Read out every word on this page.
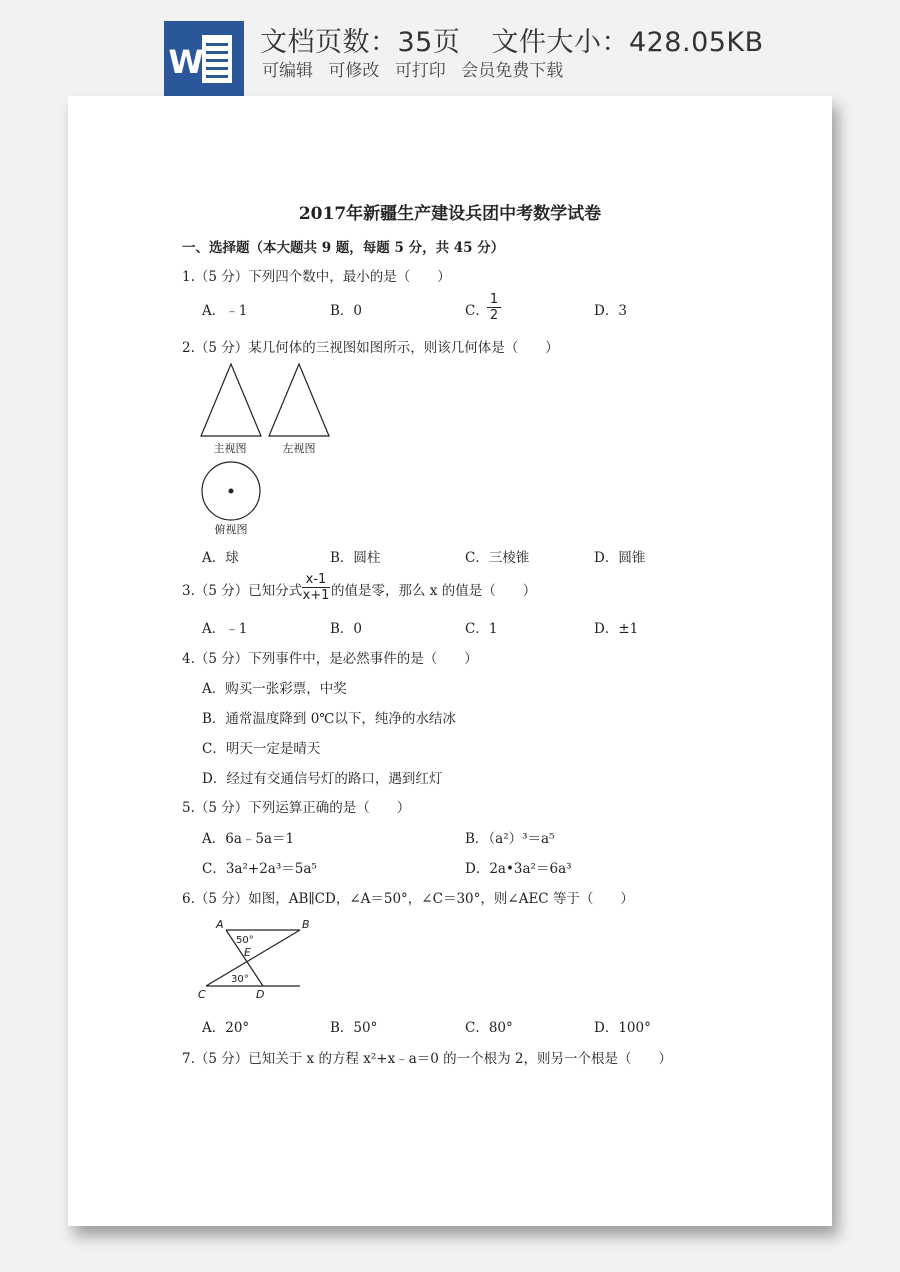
W
文档页数：35页 文件大小：428.05KB
可编辑 可修改 可打印 会员免费下载
2017年新疆生产建设兵团中考数学试卷
一、选择题（本大题共 9 题，每题 5 分，共 45 分）
1.（5 分）下列四个数中，最小的是（　　）
A．﹣1	B．0	C．
$\frac{1}{2}$	D．3
2.（5 分）某几何体的三视图如图所示，则该几何体是（　　）
主视图	左视图
俯视图
A．球	B．圆柱	C．三棱锥	D．圆锥
3.（5 分）已知分式 $\frac{x-1}{x+1}$ 的值是零，那么 x 的值是（　　）
A．﹣1	B．0	C．1	D．±1
4.（5 分）下列事件中，是必然事件的是（　　）
A．购买一张彩票，中奖
B．通常温度降到 0℃以下，纯净的水结冰
C．明天一定是晴天
D．经过有交通信号灯的路口，遇到红灯
5.（5 分）下列运算正确的是（　　）
A．6a﹣5a＝1	B．（a²）³＝a⁵
C．3a²+2a³＝5a⁵	D．2a•3a²＝6a³
6.（5 分）如图，AB∥CD，∠A＝50°，∠C＝30°，则∠AEC 等于（　　）
A	B
E
C	D
50°
30°
A．20°	B．50°	C．80°	D．100°
7.（5 分）已知关于 x 的方程 x²+x﹣a＝0 的一个根为 2，则另一个根是（　　）
